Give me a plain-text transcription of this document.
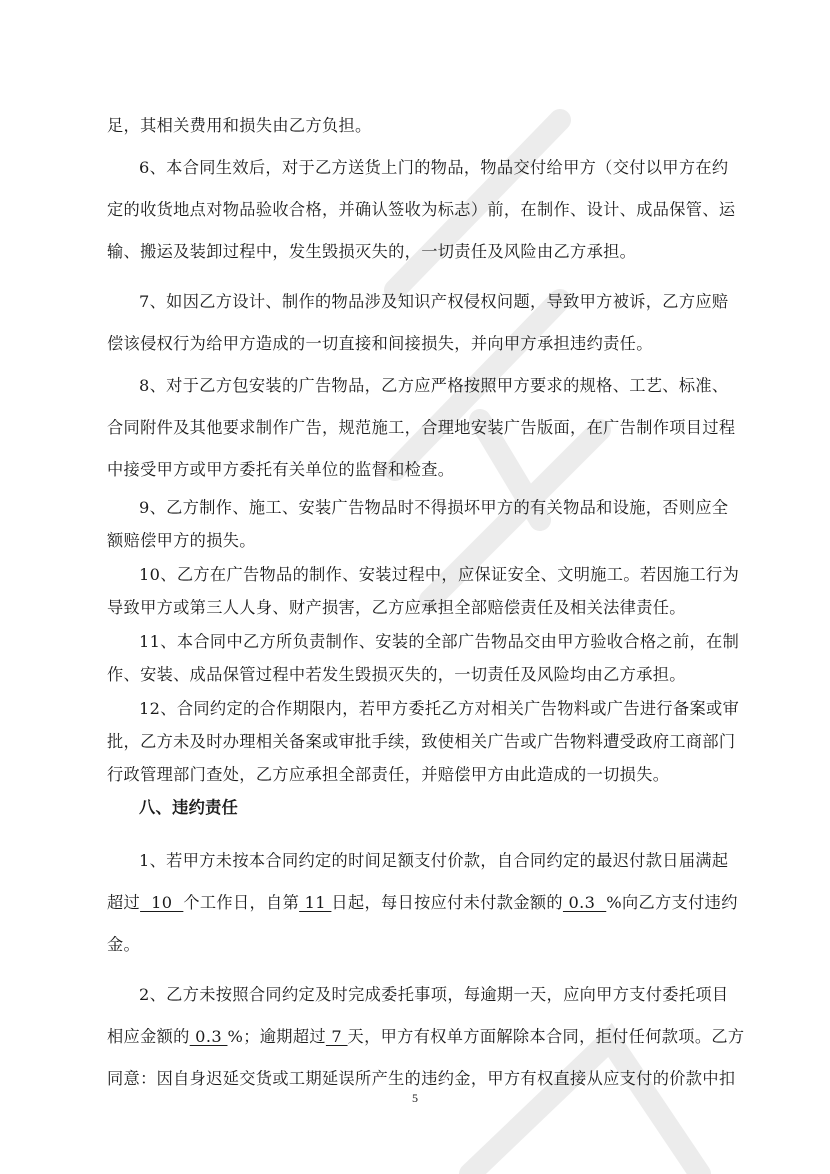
足，其相关费用和损失由乙方负担。
6、本合同生效后，对于乙方送货上门的物品，物品交付给甲方（交付以甲方在约
定的收货地点对物品验收合格，并确认签收为标志）前，在制作、设计、成品保管、运
输、搬运及装卸过程中，发生毁损灭失的，一切责任及风险由乙方承担。
7、如因乙方设计、制作的物品涉及知识产权侵权问题，导致甲方被诉，乙方应赔
偿该侵权行为给甲方造成的一切直接和间接损失，并向甲方承担违约责任。
8、对于乙方包安装的广告物品，乙方应严格按照甲方要求的规格、工艺、标准、
合同附件及其他要求制作广告，规范施工，合理地安装广告版面，在广告制作项目过程
中接受甲方或甲方委托有关单位的监督和检查。
9、乙方制作、施工、安装广告物品时不得损坏甲方的有关物品和设施，否则应全
额赔偿甲方的损失。
10、乙方在广告物品的制作、安装过程中，应保证安全、文明施工。若因施工行为
导致甲方或第三人人身、财产损害，乙方应承担全部赔偿责任及相关法律责任。
11、本合同中乙方所负责制作、安装的全部广告物品交由甲方验收合格之前，在制
作、安装、成品保管过程中若发生毁损灭失的，一切责任及风险均由乙方承担。
12、合同约定的合作期限内，若甲方委托乙方对相关广告物料或广告进行备案或审
批，乙方未及时办理相关备案或审批手续，致使相关广告或广告物料遭受政府工商部门
行政管理部门查处，乙方应承担全部责任，并赔偿甲方由此造成的一切损失。
八、违约责任
1、若甲方未按本合同约定的时间足额支付价款，自合同约定的最迟付款日届满起
超过  10  个工作日，自第 11 日起，每日按应付未付款金额的 0.3  %向乙方支付违约
金。
2、乙方未按照合同约定及时完成委托事项，每逾期一天，应向甲方支付委托项目
相应金额的 0.3 %；逾期超过 7 天，甲方有权单方面解除本合同，拒付任何款项。乙方
同意：因自身迟延交货或工期延误所产生的违约金，甲方有权直接从应支付的价款中扣
5
